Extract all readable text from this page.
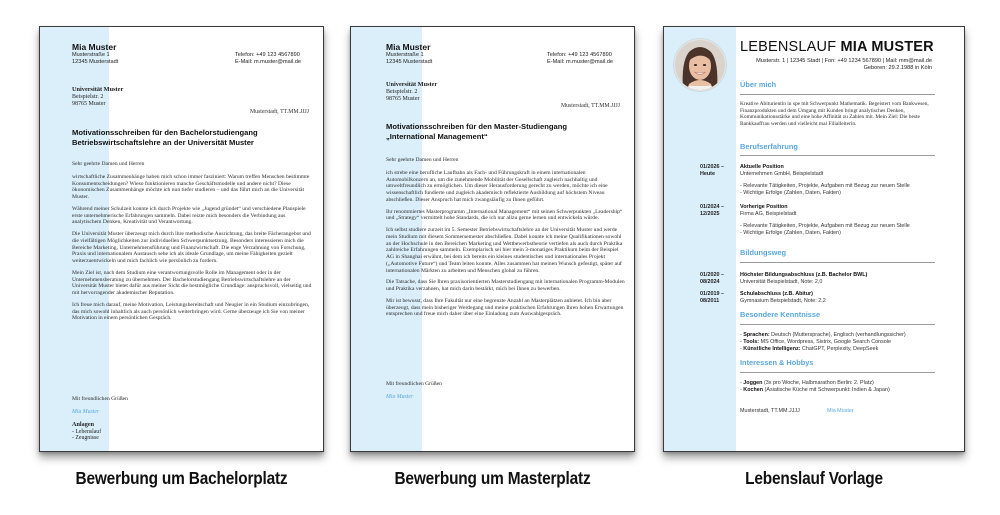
Mia Muster
Musterstraße 1
12345 Musterstadt
Telefon: +49 123 4567890
E-Mail: m.muster@mail.de
Universität Muster
Beispielstr. 2
98765 Muster
Musterstadt, TT.MM.JJJJ
Motivationsschreiben für den Bachelorstudiengang
Betriebswirtschaftslehre an der Universität Muster
Sehr geehrte Damen und Herren

wirtschaftliche Zusammenhänge haben mich schon immer fasziniert: Warum treffen Menschen bestimmte Konsumentscheidungen? Wieso funktionieren manche Geschäftsmodelle und andere nicht? Diese ökonomischen Zusammenhänge möchte ich nun tiefer studieren – und das führt mich an die Universität Muster.

Während meiner Schulzeit konnte ich durch Projekte wie „Jugend gründet“ und verschiedene Planspiele erste unternehmerische Erfahrungen sammeln. Dabei reizte mich besonders die Verbindung aus analytischem Denken, Kreativität und Verantwortung.

Die Universität Muster überzeugt mich durch ihre methodische Ausrichtung, das breite Fächerangebot und die vielfältigen Möglichkeiten zur individuellen Schwerpunktsetzung. Besonders interessieren mich die Bereiche Marketing, Unternehmensführung und Finanzwirtschaft. Die enge Verzahnung von Forschung, Praxis und internationalem Austausch sehe ich als ideale Grundlage, um meine Fähigkeiten gezielt weiterzuentwickeln und mich fachlich wie persönlich zu fordern.

Mein Ziel ist, nach dem Studium eine verantwortungsvolle Rolle im Management oder in der Unternehmensberatung zu übernehmen. Der Bachelorstudiengang Betriebswirtschaftslehre an der Universität Muster bietet dafür aus meiner Sicht die bestmögliche Grundlage: anspruchsvoll, vielseitig und mit hervorragender akademischer Reputation.

Ich freue mich darauf, meine Motivation, Leistungsbereitschaft und Neugier in ein Studium einzubringen, das mich sowohl inhaltlich als auch persönlich weiterbringen wird. Gerne überzeuge ich Sie von meiner Motivation in einem persönlichen Gespräch.

Mit freundlichen Grüßen
Mia Muster
Anlagen
- Lebenslauf
- Zeugnisse
Bewerbung um Bachelorplatz
Mia Muster
Musterstraße 1
12345 Musterstadt
Telefon: +49 123 4567890
E-Mail: m.muster@mail.de
Universität Muster
Beispielstr. 2
98765 Muster
Musterstadt, TT.MM.JJJJ
Motivationsschreiben für den Master-Studiengang
„International Management“
Sehr geehrte Damen und Herren

ich strebe eine berufliche Laufbahn als Fach- und Führungskraft in einem internationalen Automobilkonzern an, um die zunehmende Mobilität der Gesellschaft zugleich nachhaltig und umweltfreundlich zu ermöglichen. Um dieser Herausforderung gerecht zu werden, möchte ich eine wissenschaftlich fundierte und zugleich akademisch reflektierte Ausbildung auf höchstem Niveau abschließen. Dieser Anspruch hat mich zwangsläufig zu Ihnen geführt.

Ihr renommiertes Masterprogramm „International Management“ mit seinen Schwerpunkten „Leadership“ und „Strategy“ vermittelt hohe Standards, die ich nur allzu gerne lernen und entwickeln würde.

Ich selbst studiere zurzeit im 5. Semester Betriebswirtschaftslehre an der Universität Muster und werde mein Studium mit diesem Sommersemester abschließen. Dabei konnte ich meine Qualifikationen sowohl an der Hochschule in den Bereichen Marketing und Wettbewerbstheorie vertiefen als auch durch Praktika zahlreiche Erfahrungen sammeln. Exemplarisch sei hier mein 3-monatiges Praktikum beim der Beispiel AG in Shanghai erwähnt, bei dem ich bereits ein kleines studentisches und internationales Projekt („Automotive Future“) und Team leiten konnte. Alles zusammen hat meinen Wunsch gefestigt, später auf internationalen Märkten zu arbeiten und Menschen global zu führen.

Die Tatsache, dass Sie Ihren praxisorientierten Masterstudiengang mit internationalen Programm-Modulen und Praktika verzahnen, hat mich darin bestärkt, mich bei Ihnen zu bewerben.

Mir ist bewusst, dass Ihre Fakultät nur eine begrenzte Anzahl an Masterplätzen anbietet. Ich bin aber überzeugt, dass mein bisheriger Werdegang und meine praktischen Erfahrungen Ihren hohen Erwartungen entsprechen und freue mich daher über eine Einladung zum Auswahlgespräch.

Mit freundlichen Grüßen
Mia Muster
Bewerbung um Masterplatz
LEBENSLAUF MIA MUSTER
Musterstr. 1 | 12345 Stadt | Fon: +49 1234 567890 | Mail: mm@mail.de
Geboren: 29.2.1988 in Köln
Über mich
Kreative Abiturientin in spe mit Schwerpunkt Mathematik. Begeistert vom Bankwesen, Finanzprodukten und dem Umgang mit Kunden bringt analytisches Denken, Kommunikationsstärke und eine hohe Affinität zu Zahlen mit. Mein Ziel: Die beste Bankkauffrau werden und vielleicht mal Filialleiterin.
Berufserfahrung
01/2026 –
Heute
Aktuelle Position
Unternehmen GmbH, Beispielstadt
- Relevante Tätigkeiten, Projekte, Aufgaben mit Bezug zur neuen Stelle
- Wichtige Erfolge (Zahlen, Daten, Fakten)
01/2024 –
12/2025
Vorherige Position
Firma AG, Beispielstadt
- Relevante Tätigkeiten, Projekte, Aufgaben mit Bezug zur neuen Stelle
- Wichtige Erfolge (Zahlen, Daten, Fakten)
Bildungsweg
01/2020 –
08/2024
Höchster Bildungsabschluss (z.B. Bachelor BWL)
Universität Beispielstadt, Note: 2,0
01/2019 –
08/2011
Schulabschluss (z.B. Abitur)
Gymnasium Beispielstadt, Note: 2,2
Besondere Kenntnisse
- Sprachen: Deutsch (Muttersprache), Englisch (verhandlungssicher)
- Tools: MS Office, Wordpress, Sistrix, Google Search Console
- Künstliche Intelligenz: ChatGPT, Perplexity, DeepSeek
Interessen & Hobbys
- Joggen (3x pro Woche, Halbmarathon Berlin: 2. Platz)
- Kochen (Asiatische Küche mit Schwerpunkt: Indien & Japan)
Musterstadt, TT.MM.JJJJ	Mia Muster
Lebenslauf Vorlage
